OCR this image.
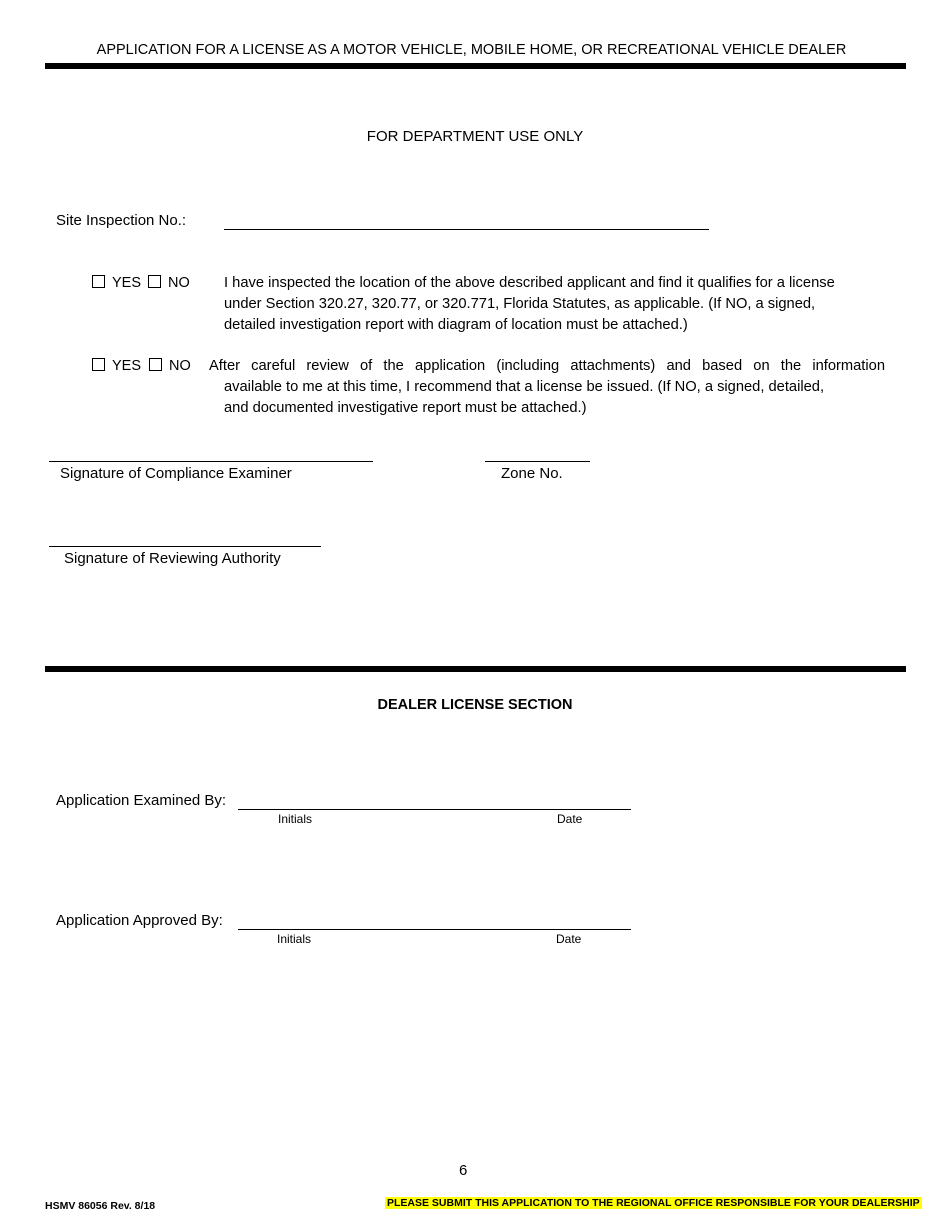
APPLICATION FOR A LICENSE AS A MOTOR VEHICLE, MOBILE HOME, OR RECREATIONAL VEHICLE DEALER
FOR DEPARTMENT USE ONLY
Site Inspection No.:
YES NO I have inspected the location of the above described applicant and find it qualifies for a license
under Section 320.27, 320.77, or 320.771, Florida Statutes, as applicable. (If NO, a signed,
detailed investigation report with diagram of location must be attached.)
YES NO After careful review of the application (including attachments) and based on the information
available to me at this time, I recommend that a license be issued. (If NO, a signed, detailed,
and documented investigative report must be attached.)
Signature of Compliance Examiner	Zone No.
Signature of Reviewing Authority
DEALER LICENSE SECTION
Application Examined By:
Initials	Date
Application Approved By:
Initials	Date
6
HSMV 86056 Rev. 8/18	PLEASE SUBMIT THIS APPLICATION TO THE REGIONAL OFFICE RESPONSIBLE FOR YOUR DEALERSHIP
